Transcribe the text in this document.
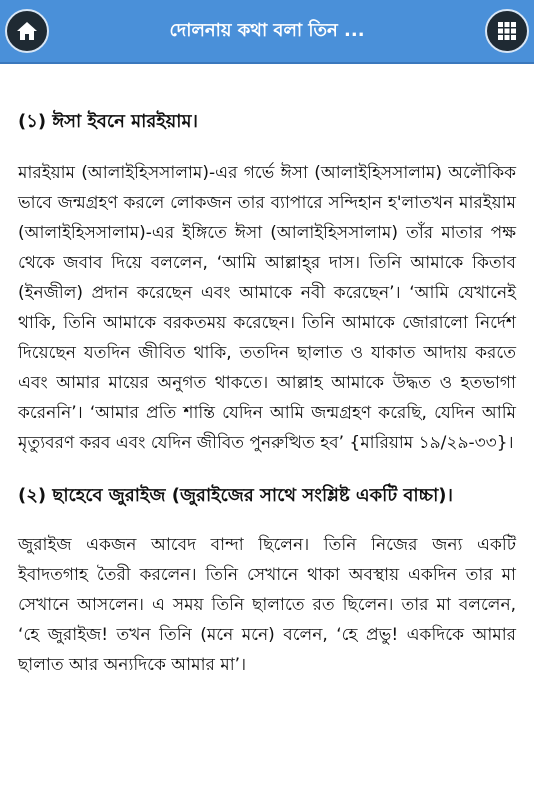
দোলনায় কথা বলা তিন ...

(১) ঈসা ইবনে মারইয়াম।

মারইয়াম (আলাইহিসসালাম)-এর গর্ভে ঈসা (আলাইহিসসালাম) অলৌকিক ভাবে জন্মগ্রহণ করলে লোকজন তার ব্যাপারে সন্দিহান হ'লাতখন মারইয়াম (আলাইহিসসালাম)-এর ইঙ্গিতে ঈসা (আলাইহিসসালাম) তাঁর মাতার পক্ষ থেকে জবাব দিয়ে বললেন, ‘আমি আল্লাহ্‌র দাস। তিনি আমাকে কিতাব (ইনজীল) প্রদান করেছেন এবং আমাকে নবী করেছেন’। ‘আমি যেখানেই থাকি, তিনি আমাকে বরকতময় করেছেন। তিনি আমাকে জোরালো নির্দেশ দিয়েছেন যতদিন জীবিত থাকি, ততদিন ছালাত ও যাকাত আদায় করতে এবং আমার মায়ের অনুগত থাকতে। আল্লাহ আমাকে উদ্ধত ও হতভাগা করেননি’। ‘আমার প্রতি শান্তি যেদিন আমি জন্মগ্রহণ করেছি, যেদিন আমি মৃত্যুবরণ করব এবং যেদিন জীবিত পুনরুত্থিত হব’ {মারিয়াম ১৯/২৯-৩৩}।

(২) ছাহেবে জুরাইজ (জুরাইজের সাথে সংশ্লিষ্ট একটি বাচ্চা)।

জুরাইজ একজন আবেদ বান্দা ছিলেন। তিনি নিজের জন্য একটি ইবাদতগাহ তৈরী করলেন। তিনি সেখানে থাকা অবস্থায় একদিন তার মা সেখানে আসলেন। এ সময় তিনি ছালাতে রত ছিলেন। তার মা বললেন, ‘হে জুরাইজ! তখন তিনি (মনে মনে) বলেন, ‘হে প্রভু! একদিকে আমার ছালাত আর অন্যদিকে আমার মা’।
